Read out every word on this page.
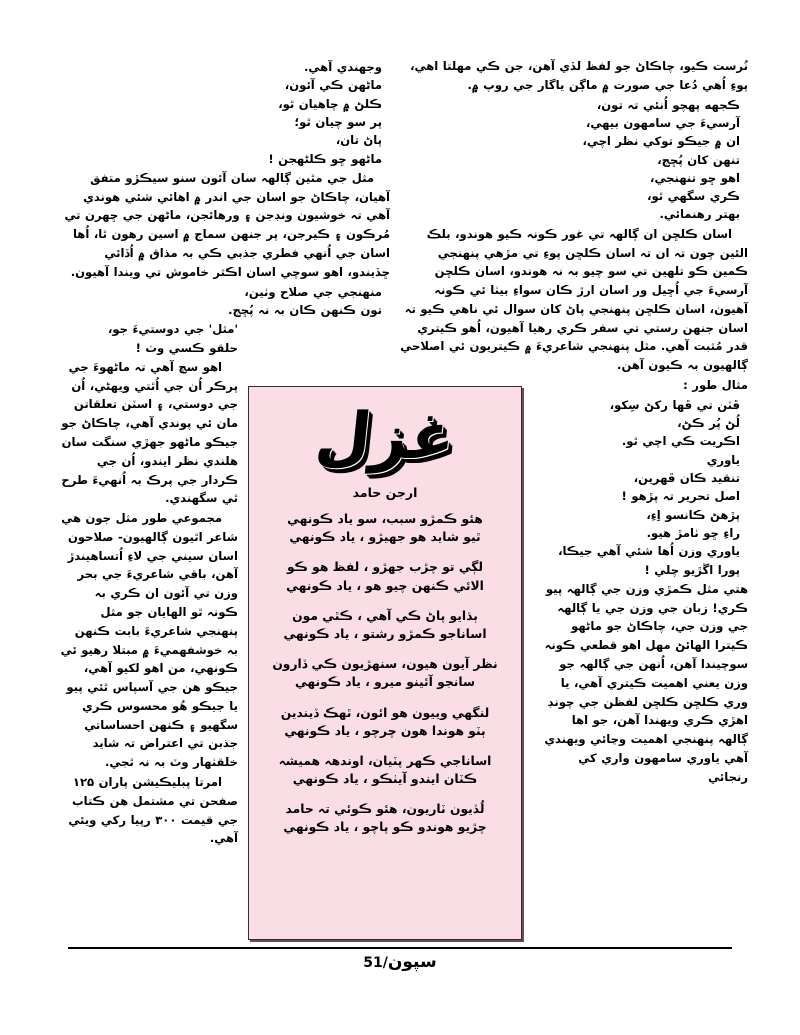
نُرست ڪيو، چاڪاڻ جو لفظ لڏي آهن، جن ڪي مهلتا اهي، پوءِ اُهي دُعا جي صورت ۾ ماڳن ياگار جي روپ ۾.

ڪجهه پهچو اُنئي تہ تون،
آرسيءَ جي سامهون بيهي،
ان ۾ جيڪو توکي نظر اچي،
تنهن کان پُڇج،
اهو ڇو تنهنجي،
ڪري سگهي ٿو،
بهتر رهنمائي.

اسان ڪلڇن ان ڳالهہ تي غور ڪونہ ڪيو هوندو، بلڪ الئين چون تہ ان تہ اسان ڪلڇن پوءِ تي مڙهي پنهنجي ڪمين ڪو تلهين تي سو چيو بہ نہ هوندو، اسان ڪلڇن آرسيءَ جي اُڇيل ور اسان ارڙ ڪان سواءِ بيٺا ئي ڪونہ آهيون، اسان ڪلڇن پنهنجي پاڻ کان سوال ئي ناهي ڪيو تہ اسان جنهن رستي تي سفر ڪري رهيا آهيون، اُهو ڪيتري قدر مُثبت آهي. مثل پنهنجي شاعريءَ ۾ ڪيتريون ئي اصلاحي ڳالهيون بہ ڪيون آهن.

مثال طور :

ڦٽن تي ڦها رکڻ سِکو،
لُڻ پُر ڪڻ،
اڪريت ڪي اچي ٿو.
ياوري
تنقيد ڪان ڦهرين،
اصل تحرير تہ پڙهو !
پڙهڻ ڪانسو اِءِ،
راءِ ڇو ٺامڙ هيو.
ياوري وزن اُها شئي آهي جيڪا،
پورا اڱڙيو چلي !

هتي مثل ڪمڙي وزن جي ڳالهہ پيو ڪري! زبان جي وزن جي يا ڳالهہ جي وزن جي، چاڪاڻ جو ماڻهو ڪيترا الهائڻ مهل اهو قطعي ڪونہ سوچيندا آهن، اُنهن جي ڳالهہ جو وزن يعني اهميت ڪيتري آهي، يا وري ڪلڇن ڪلڇن لفظن جي چونڊ اهڙي ڪري ويهندا آهن، جو اها ڳالهہ پنهنجي اهميت وڃائي ويهندي آهي ياوري سامهون واري کي رنجائي

وجهندي آهي.
ماڻهن ڪي آئون،
ڪلڻ ۾ چاهيان ٿو،
پر سو چيان ٿو؛
پاڻ تان،
ماڻهو ڇو ڪلڻهجن !

مثل جي مٿين ڳالهہ سان آئون سنو سيڪڙو متفق آهيان، چاڪاڻ جو اسان جي اندر ۾ اهائي شئي هوندي آهي تہ خوشيون ونڊجن ۽ ورهائجن، ماڻهن جي ڇهرن تي مُرڪون ۽ ڪيرجن، پر جنهن سماج ۾ اسين رهون ٿا، اُها اسان جي اُنهي فطري جذبي ڪي بہ مذاق ۾ اُڏائي ڇڏيندو، اهو سوچي اسان اڪثر خاموش تي ويندا آهيون.

منهنجي جي صلاح وٺين،
تون ڪنهن ڪان بہ نہ پُڇج.
'مثل' جي دوستيءَ جو،
حلقو ڪسي وٺ !

اهو سچ آهي تہ ماڻهوءَ جي پرڪر اُن جي اُٿتي ويهڻي، اُن جي دوستي، ۽ اسٽن تعلقاتن مان ئي پوندي آهي، چاڪاڻ جو جيڪو ماڻهو جهڙي سنگت سان هلندي نظر ايندو، اُن جي ڪردار جي پرڪ بہ اُنهيءَ طرح ٿي سگهندي.

مجموعي طور مثل جون هي شاعر اٿيون ڳالهيون- صلاحون اسان سيني جي لاءِ اُتساهيندڙ آهن، باقي شاعريءَ جي بحر وزن تي آئون ان ڪري بہ ڪونہ ٿو الهايان جو مثل پنهنجي شاعريءَ بابت ڪنهن بہ خوشفهميءَ ۾ مبتلا رهيو ئي ڪونهي، من اهو لکيو آهي، جيڪو هن جي آسپاس ٿئي پيو يا جيڪو هُو محسوس ڪري سگهيو ۽ ڪنهن احساساتي جذبن تي اعتراض تہ شايد خلقٺهار وٽ بہ نہ ٿجي.

امرتا پبليڪيشن پاران ۱۲۵ صفحن تي مشتمل هن ڪتاب جي قيمت ۳۰۰ رپيا رکي ويئي آهي.

غزل
ارجن حامد
هئو ڪمڙو سبب، سو ياد ڪونهي
ٿيو شايد هو جهيڙو ، ياد ڪونهي
لڳي تو چڙب جهڙو ، لفظ هو ڪو
الائي ڪنهن چيو هو ، ياد ڪونهي
ٻڌايو پاڻ ڪي آهي ، ڪٿي مون
اساناجو ڪمڙو رشتو ، ياد ڪونهي
نظر آيون هيون، سنهڙيون ڪي ڏارون
سانجو آئينو ميرو ، ياد ڪونهي
لنگهي وييون هو ائون، ٿهڪ ڏيندين
ٻٽو هوندا هون چرچو ، ياد ڪونهي
اساناجي ڪهر پٽيان، اوندهہ هميشہ
ڪٽان ايندو آيٺڪو ، ياد ڪونهي
لُڏيون ٽاريون، هئو ڪوئي تہ حامد
چڙيو هوندو ڪو پاچو ، ياد ڪونهي
سپون/51
